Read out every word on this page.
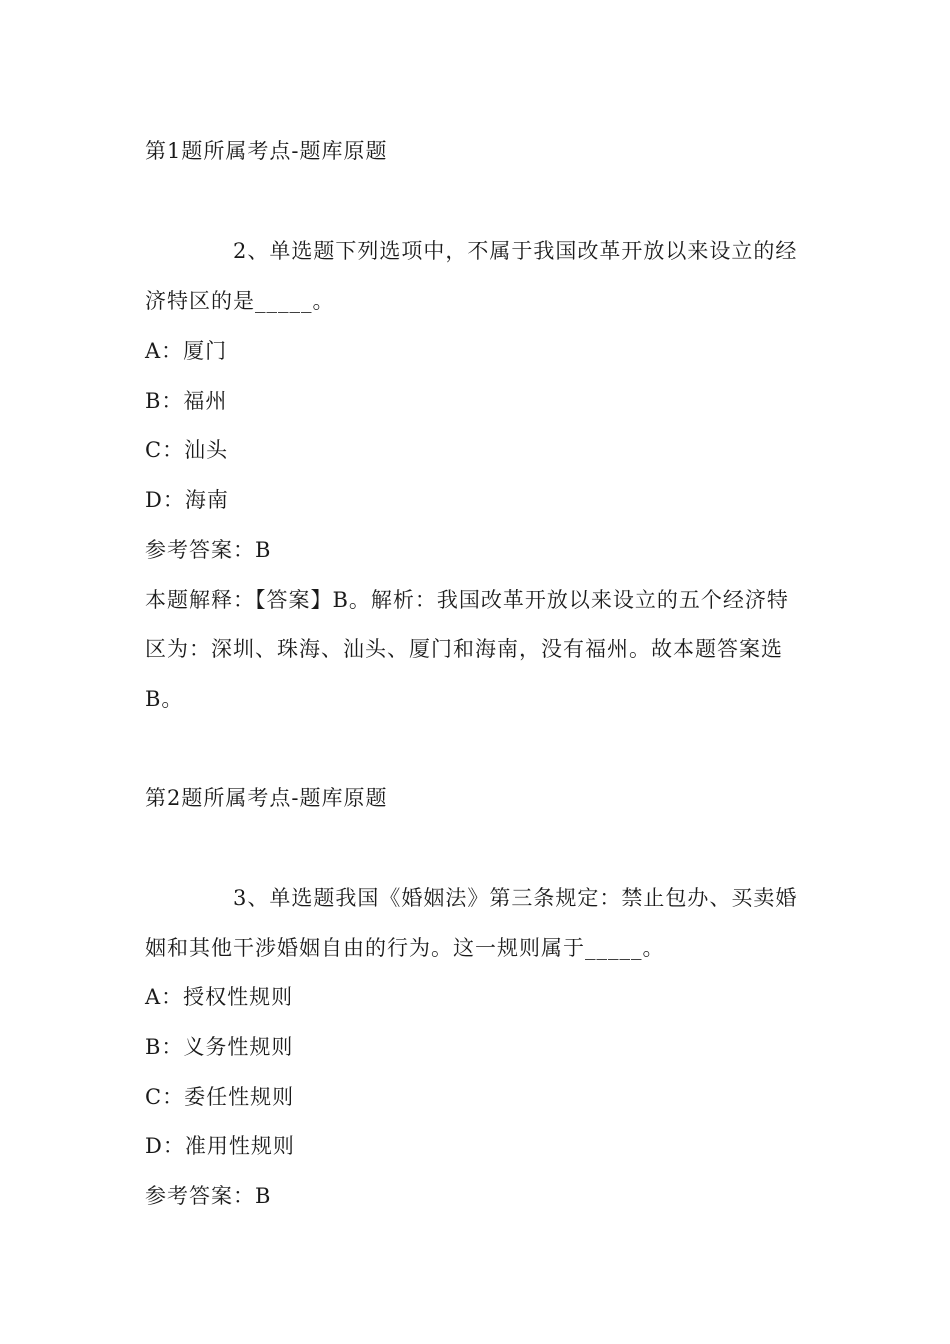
第1题所属考点-题库原题
2、单选题下列选项中，不属于我国改革开放以来设立的经
济特区的是_____。
A：厦门
B：福州
C：汕头
D：海南
参考答案：B
本题解释：【答案】B。解析：我国改革开放以来设立的五个经济特
区为：深圳、珠海、汕头、厦门和海南，没有福州。故本题答案选
B。
第2题所属考点-题库原题
3、单选题我国《婚姻法》第三条规定：禁止包办、买卖婚
姻和其他干涉婚姻自由的行为。这一规则属于_____。
A：授权性规则
B：义务性规则
C：委任性规则
D：准用性规则
参考答案：B
